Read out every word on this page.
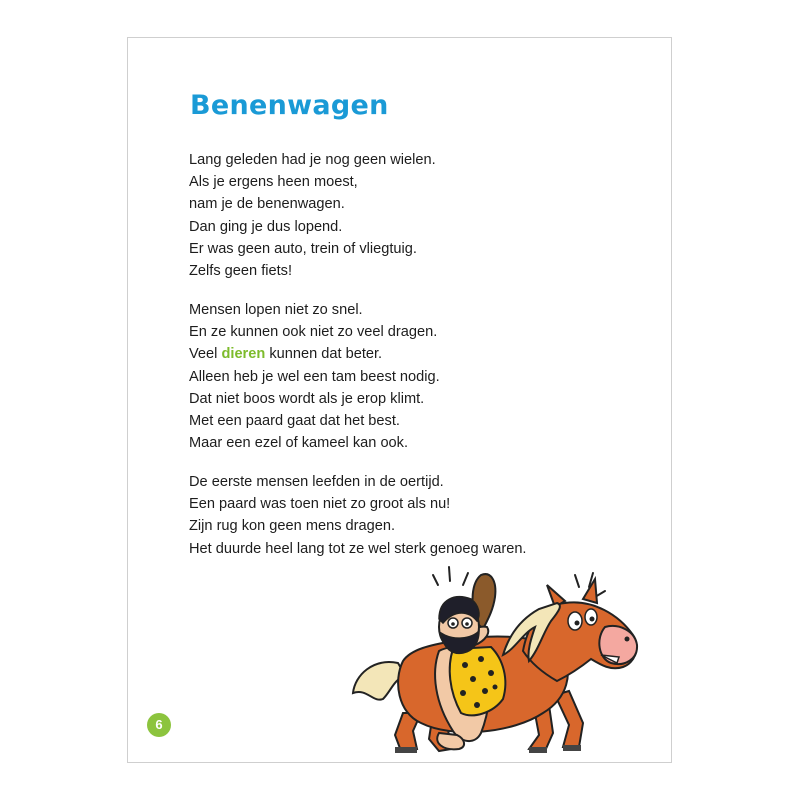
Benenwagen
Lang geleden had je nog geen wielen.
Als je ergens heen moest,
nam je de benenwagen.
Dan ging je dus lopend.
Er was geen auto, trein of vliegtuig.
Zelfs geen fiets!
Mensen lopen niet zo snel.
En ze kunnen ook niet zo veel dragen.
Veel dieren kunnen dat beter.
Alleen heb je wel een tam beest nodig.
Dat niet boos wordt als je erop klimt.
Met een paard gaat dat het best.
Maar een ezel of kameel kan ook.
De eerste mensen leefden in de oertijd.
Een paard was toen niet zo groot als nu!
Zijn rug kon geen mens dragen.
Het duurde heel lang tot ze wel sterk genoeg waren.
6
